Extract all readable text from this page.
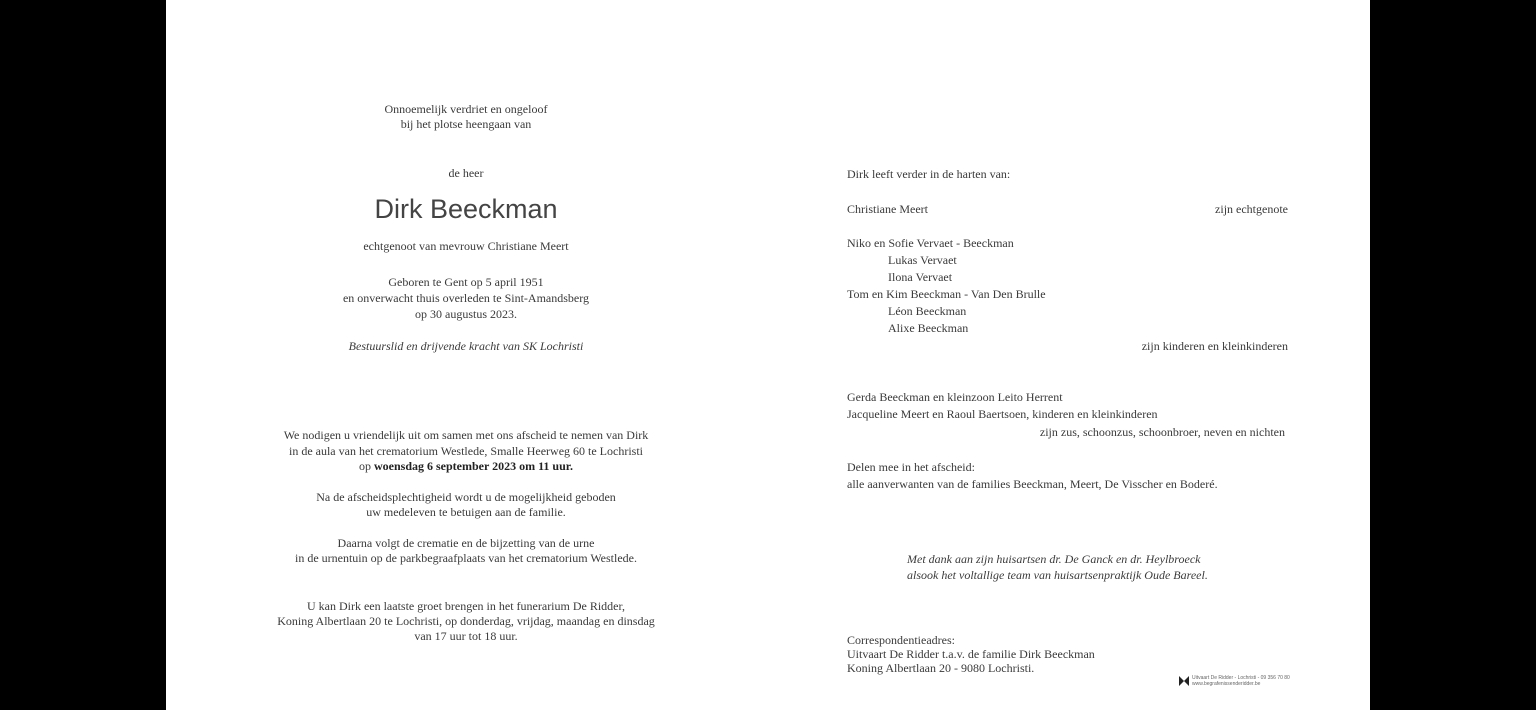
Onnoemelijk verdriet en ongeloof
bij het plotse heengaan van
de heer
Dirk Beeckman
echtgenoot van mevrouw Christiane Meert
Geboren te Gent op 5 april 1951
en onverwacht thuis overleden te Sint-Amandsberg
op 30 augustus 2023.
Bestuurslid en drijvende kracht van SK Lochristi
We nodigen u vriendelijk uit om samen met ons afscheid te nemen van Dirk
in de aula van het crematorium Westlede, Smalle Heerweg 60 te Lochristi
op woensdag 6 september 2023 om 11 uur.
Na de afscheidsplechtigheid wordt u de mogelijkheid geboden
uw medeleven te betuigen aan de familie.
Daarna volgt de crematie en de bijzetting van de urne
in de urnentuin op de parkbegraafplaats van het crematorium Westlede.
U kan Dirk een laatste groet brengen in het funerarium De Ridder,
Koning Albertlaan 20 te Lochristi, op donderdag, vrijdag, maandag en dinsdag
van 17 uur tot 18 uur.
Dirk leeft verder in de harten van:
Christiane Meert	zijn echtgenote
Niko en Sofie Vervaet - Beeckman
Lukas Vervaet
Ilona Vervaet
Tom en Kim Beeckman - Van Den Brulle
Léon Beeckman
Alixe Beeckman
zijn kinderen en kleinkinderen
Gerda Beeckman en kleinzoon Leito Herrent
Jacqueline Meert en Raoul Baertsoen, kinderen en kleinkinderen
zijn zus, schoonzus, schoonbroer, neven en nichten
Delen mee in het afscheid:
alle aanverwanten van de families Beeckman, Meert, De Visscher en Boderé.
Met dank aan zijn huisartsen dr. De Ganck en dr. Heylbroeck
alsook het voltallige team van huisartsenpraktijk Oude Bareel.
Correspondentieadres:
Uitvaart De Ridder t.a.v. de familie Dirk Beeckman
Koning Albertlaan 20 - 9080 Lochristi.
Uitvaart De Ridder - Lochristi - 09 356 70 80
www.begrafenissenderidder.be
